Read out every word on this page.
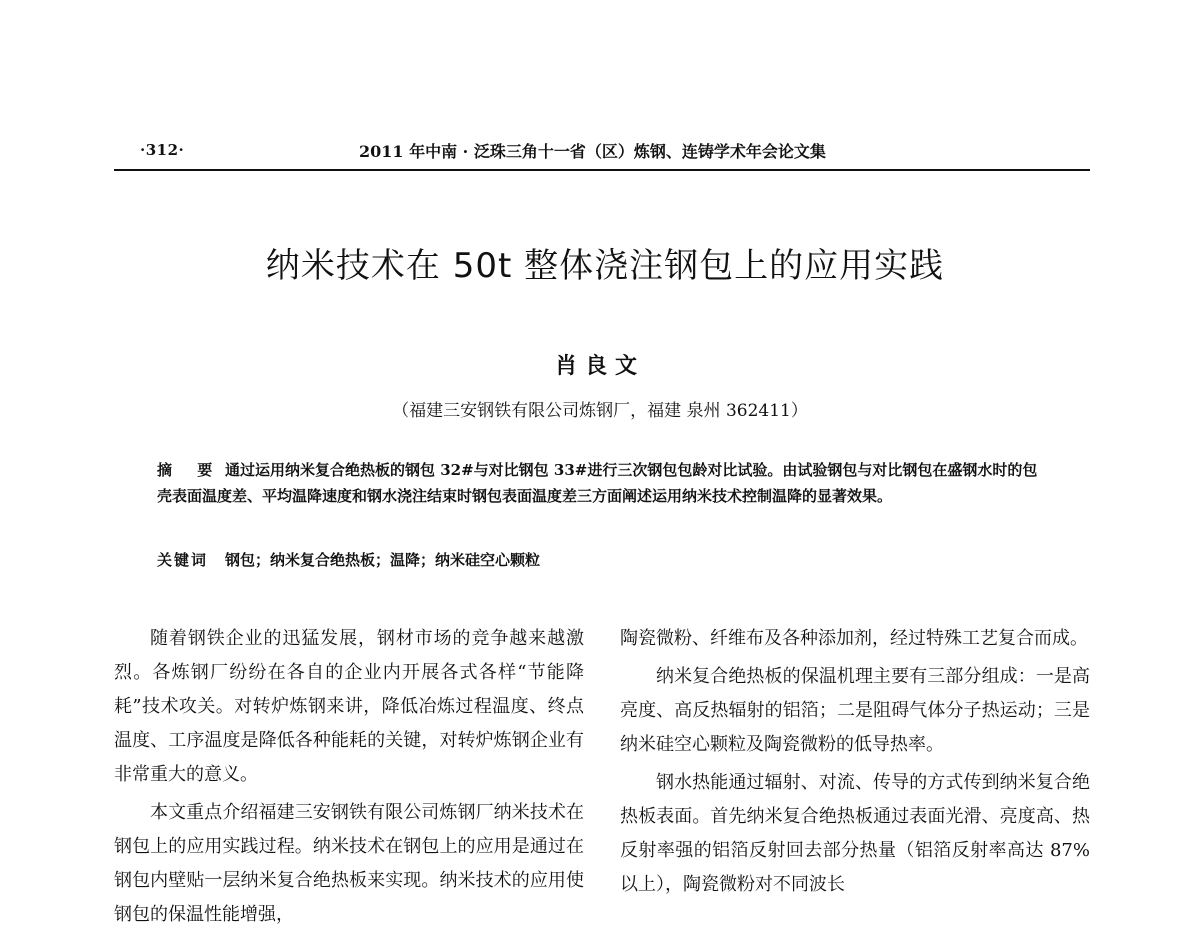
·312·	2011 年中南 · 泛珠三角十一省（区）炼钢、连铸学术年会论文集
纳米技术在 50t 整体浇注钢包上的应用实践
肖良文
（福建三安钢铁有限公司炼钢厂，福建 泉州 362411）
摘 要 通过运用纳米复合绝热板的钢包 32#与对比钢包 33#进行三次钢包包龄对比试验。由试验钢包与对比钢包在盛钢水时的包壳表面温度差、平均温降速度和钢水浇注结束时钢包表面温度差三方面阐述运用纳米技术控制温降的显著效果。
关键词 钢包；纳米复合绝热板；温降；纳米硅空心颗粒

随着钢铁企业的迅猛发展，钢材市场的竞争越来越激烈。各炼钢厂纷纷在各自的企业内开展各式各样“节能降耗”技术攻关。对转炉炼钢来讲，降低冶炼过程温度、终点温度、工序温度是降低各种能耗的关键，对转炉炼钢企业有非常重大的意义。

本文重点介绍福建三安钢铁有限公司炼钢厂纳米技术在钢包上的应用实践过程。纳米技术在钢包上的应用是通过在钢包内壁贴一层纳米复合绝热板来实现。纳米技术的应用使钢包的保温性能增强，

陶瓷微粉、纤维布及各种添加剂，经过特殊工艺复合而成。

纳米复合绝热板的保温机理主要有三部分组成：一是高亮度、高反热辐射的铝箔；二是阻碍气体分子热运动；三是纳米硅空心颗粒及陶瓷微粉的低导热率。

钢水热能通过辐射、对流、传导的方式传到纳米复合绝热板表面。首先纳米复合绝热板通过表面光滑、亮度高、热反射率强的铝箔反射回去部分热量（铝箔反射率高达 87% 以上），陶瓷微粉对不同波长
